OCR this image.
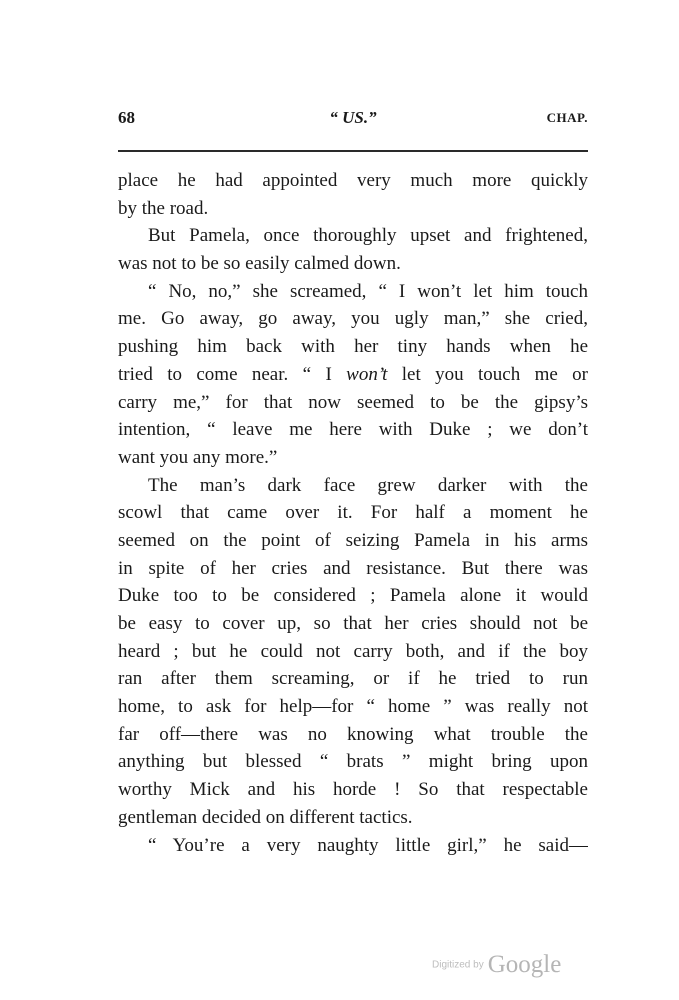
68	“ US.”	CHAP.
place he had appointed very much more quickly
by the road.
But Pamela, once thoroughly upset and frightened,
was not to be so easily calmed down.
“ No, no,” she screamed, “ I won’t let him touch
me. Go away, go away, you ugly man,” she cried,
pushing him back with her tiny hands when he
tried to come near. “ I won’t let you touch me or
carry me,” for that now seemed to be the gipsy’s
intention, “ leave me here with Duke ; we don’t
want you any more.”
The man’s dark face grew darker with the
scowl that came over it. For half a moment he
seemed on the point of seizing Pamela in his arms
in spite of her cries and resistance. But there was
Duke too to be considered ; Pamela alone it would
be easy to cover up, so that her cries should not be
heard ; but he could not carry both, and if the boy
ran after them screaming, or if he tried to run
home, to ask for help—for “ home ” was really not
far off—there was no knowing what trouble the
anything but blessed “ brats ” might bring upon
worthy Mick and his horde ! So that respectable
gentleman decided on different tactics.
“ You’re a very naughty little girl,” he said—
Digitized by Google
